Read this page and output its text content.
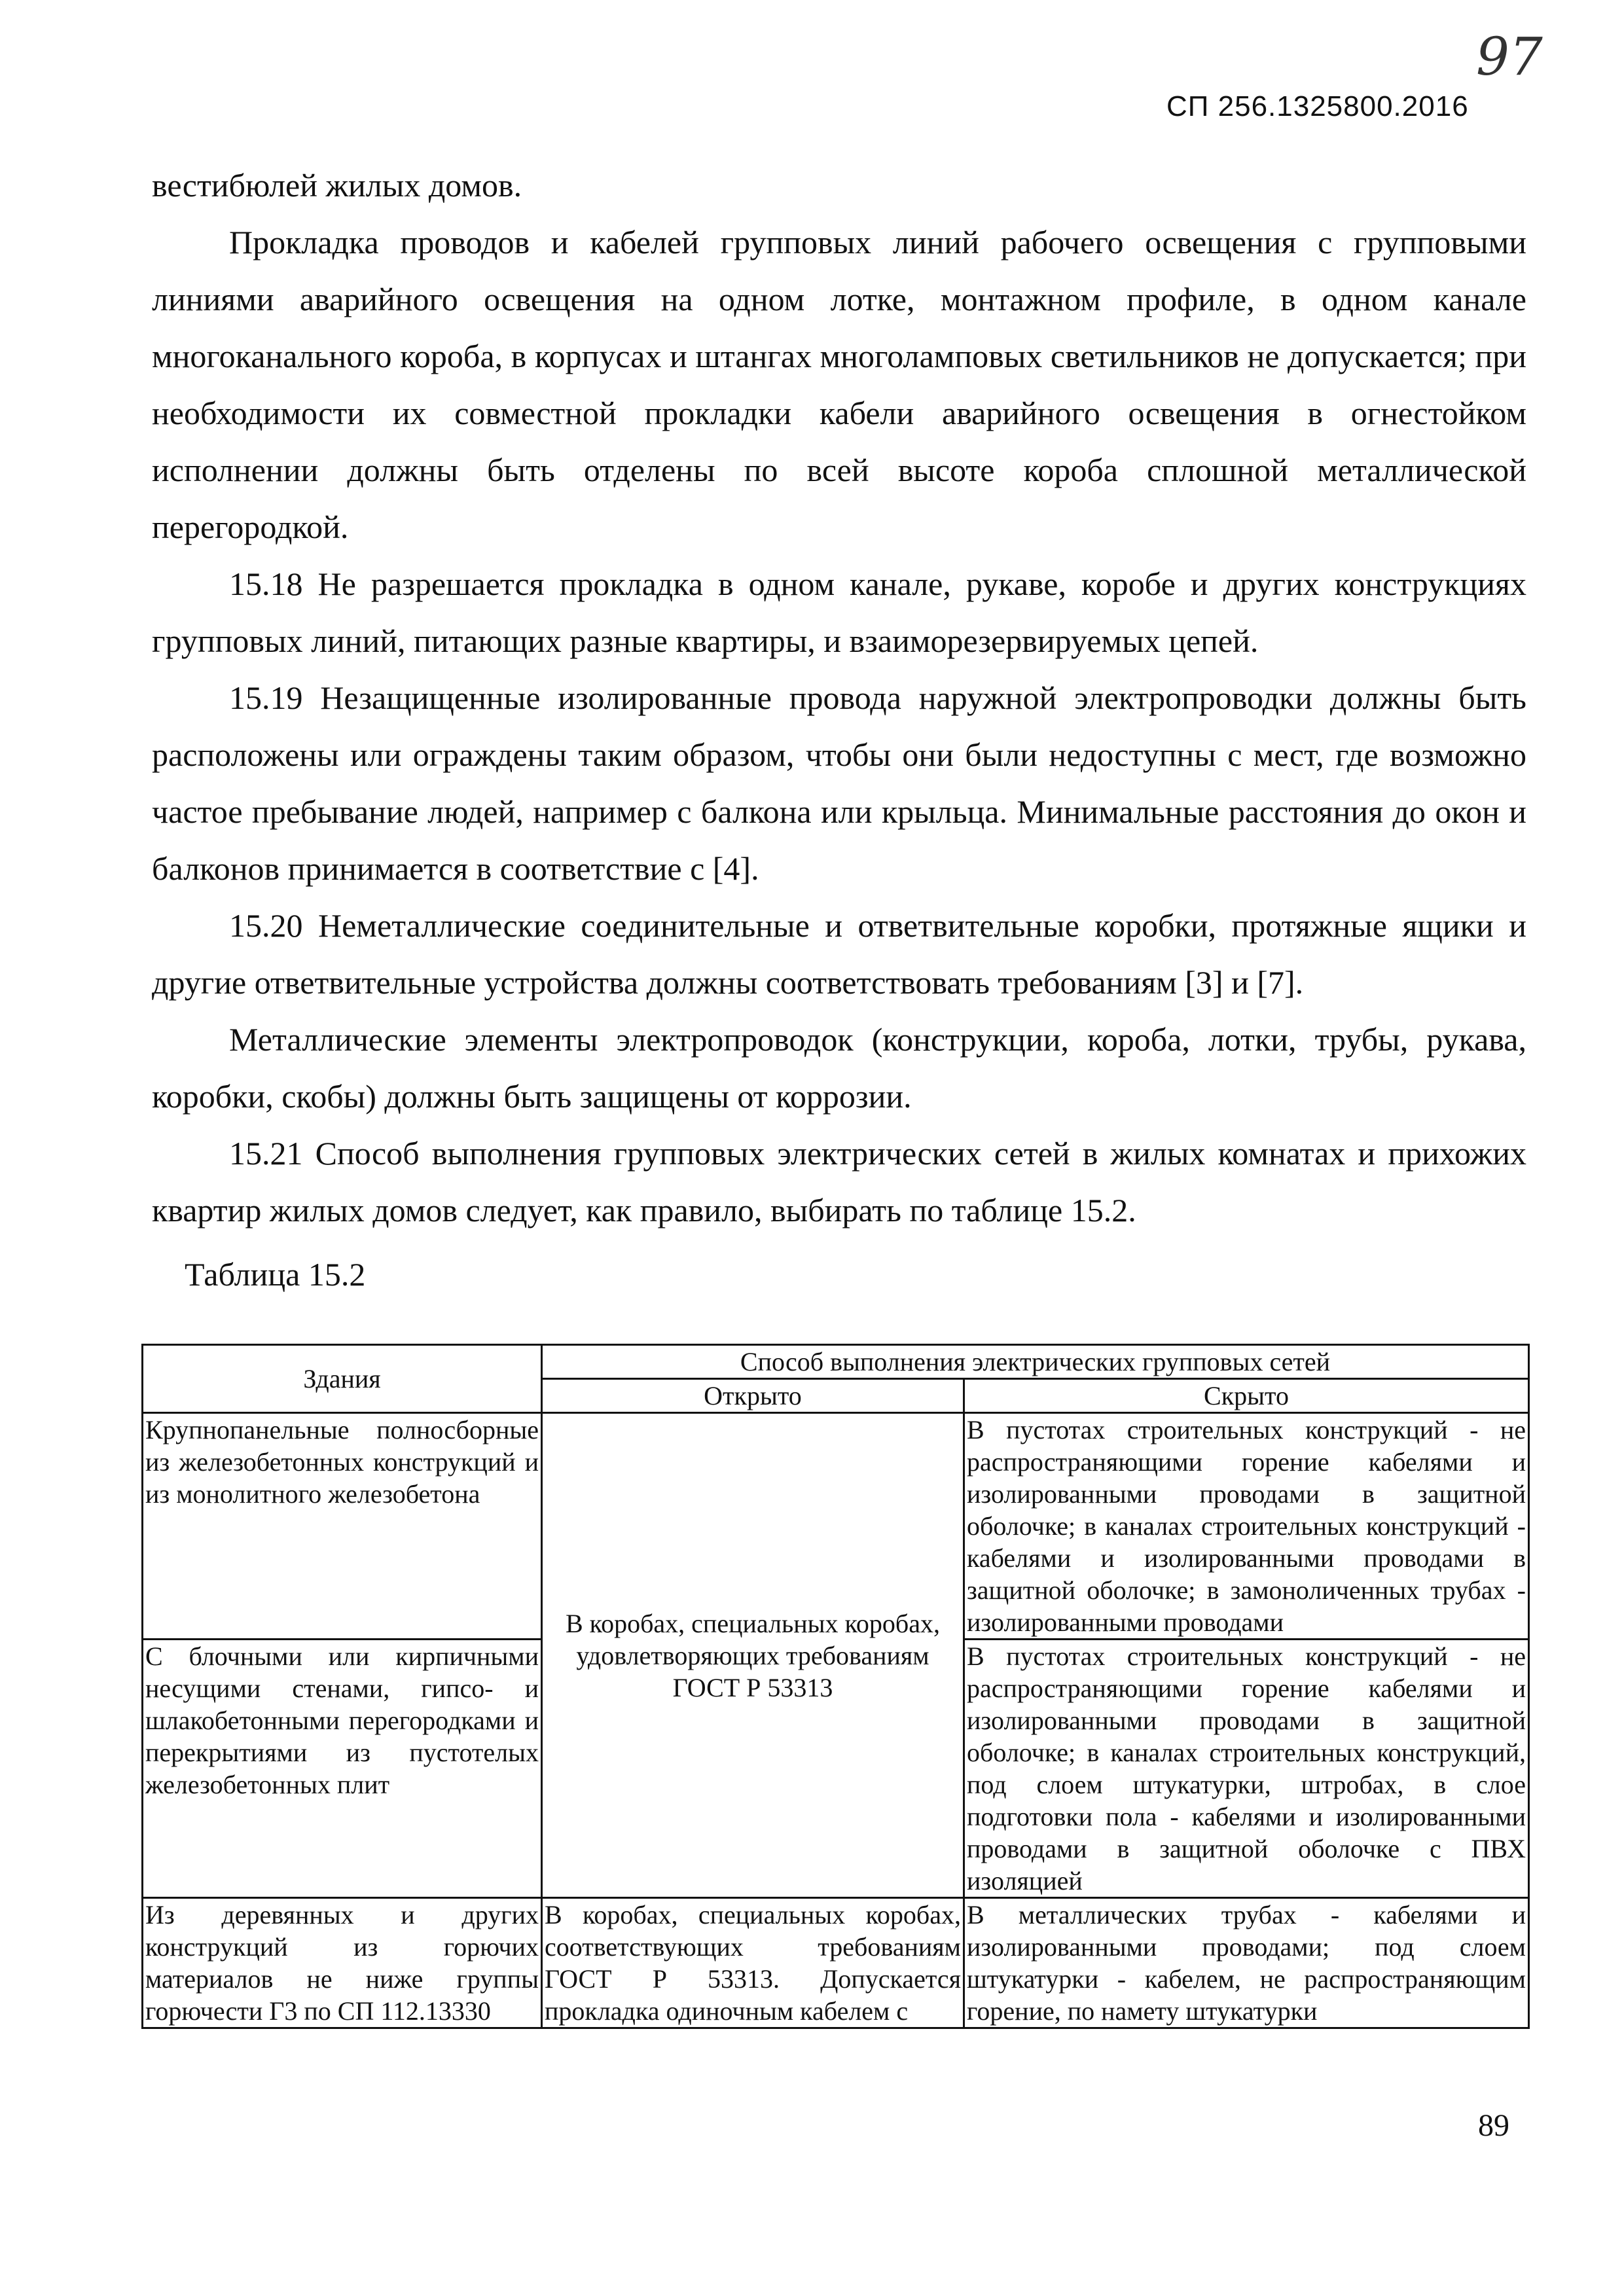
97
СП 256.1325800.2016

вестибюлей жилых домов.

Прокладка проводов и кабелей групповых линий рабочего освещения с групповыми линиями аварийного освещения на одном лотке, монтажном профиле, в одном канале многоканального короба, в корпусах и штангах многоламповых светильников не допускается; при необходимости их совместной прокладки кабели аварийного освещения в огнестойком исполнении должны быть отделены по всей высоте короба сплошной металлической перегородкой.

15.18 Не разрешается прокладка в одном канале, рукаве, коробе и других конструкциях групповых линий, питающих разные квартиры, и взаиморезервируемых цепей.

15.19 Незащищенные изолированные провода наружной электропроводки должны быть расположены или ограждены таким образом, чтобы они были недоступны с мест, где возможно частое пребывание людей, например с балкона или крыльца. Минимальные расстояния до окон и балконов принимается в соответствие с [4].

15.20 Неметаллические соединительные и ответвительные коробки, протяжные ящики и другие ответвительные устройства должны соответствовать требованиям [3] и [7].

Металлические элементы электропроводок (конструкции, короба, лотки, трубы, рукава, коробки, скобы) должны быть защищены от коррозии.

15.21 Способ выполнения групповых электрических сетей в жилых комнатах и прихожих квартир жилых домов следует, как правило, выбирать по таблице 15.2.

Таблица 15.2
Здания	Способ выполнения электрических групповых сетей	
	Открыто	Скрыто
Крупнопанельные полносборные из железобетонных конструкций и из монолитного железобетона	В коробах, специальных коробах, удовлетворяющих требованиям ГОСТ Р 53313	В пустотах строительных конструкций - не распространяющими горение кабелями и изолированными проводами в защитной оболочке; в каналах строительных конструкций - кабелями и изолированными проводами в защитной оболочке; в замоноличенных трубах - изолированными проводами
С блочными или кирпичными несущими стенами, гипсо- и шлакобетонными перегородками и перекрытиями из пустотелых железобетонных плит		В пустотах строительных конструкций - не распространяющими горение кабелями и изолированными проводами в защитной оболочке; в каналах строительных конструкций, под слоем штукатурки, штробах, в слое подготовки пола - кабелями и изолированными проводами в защитной оболочке с ПВХ изоляцией
Из деревянных и других конструкций из горючих материалов не ниже группы горючести Г3 по СП 112.13330	В коробах, специальных коробах, соответствующих требованиям ГОСТ Р 53313. Допускается прокладка одиночным кабелем с	В металлических трубах - кабелями и изолированными проводами; под слоем штукатурки - кабелем, не распространяющим горение, по намету штукатурки
89
